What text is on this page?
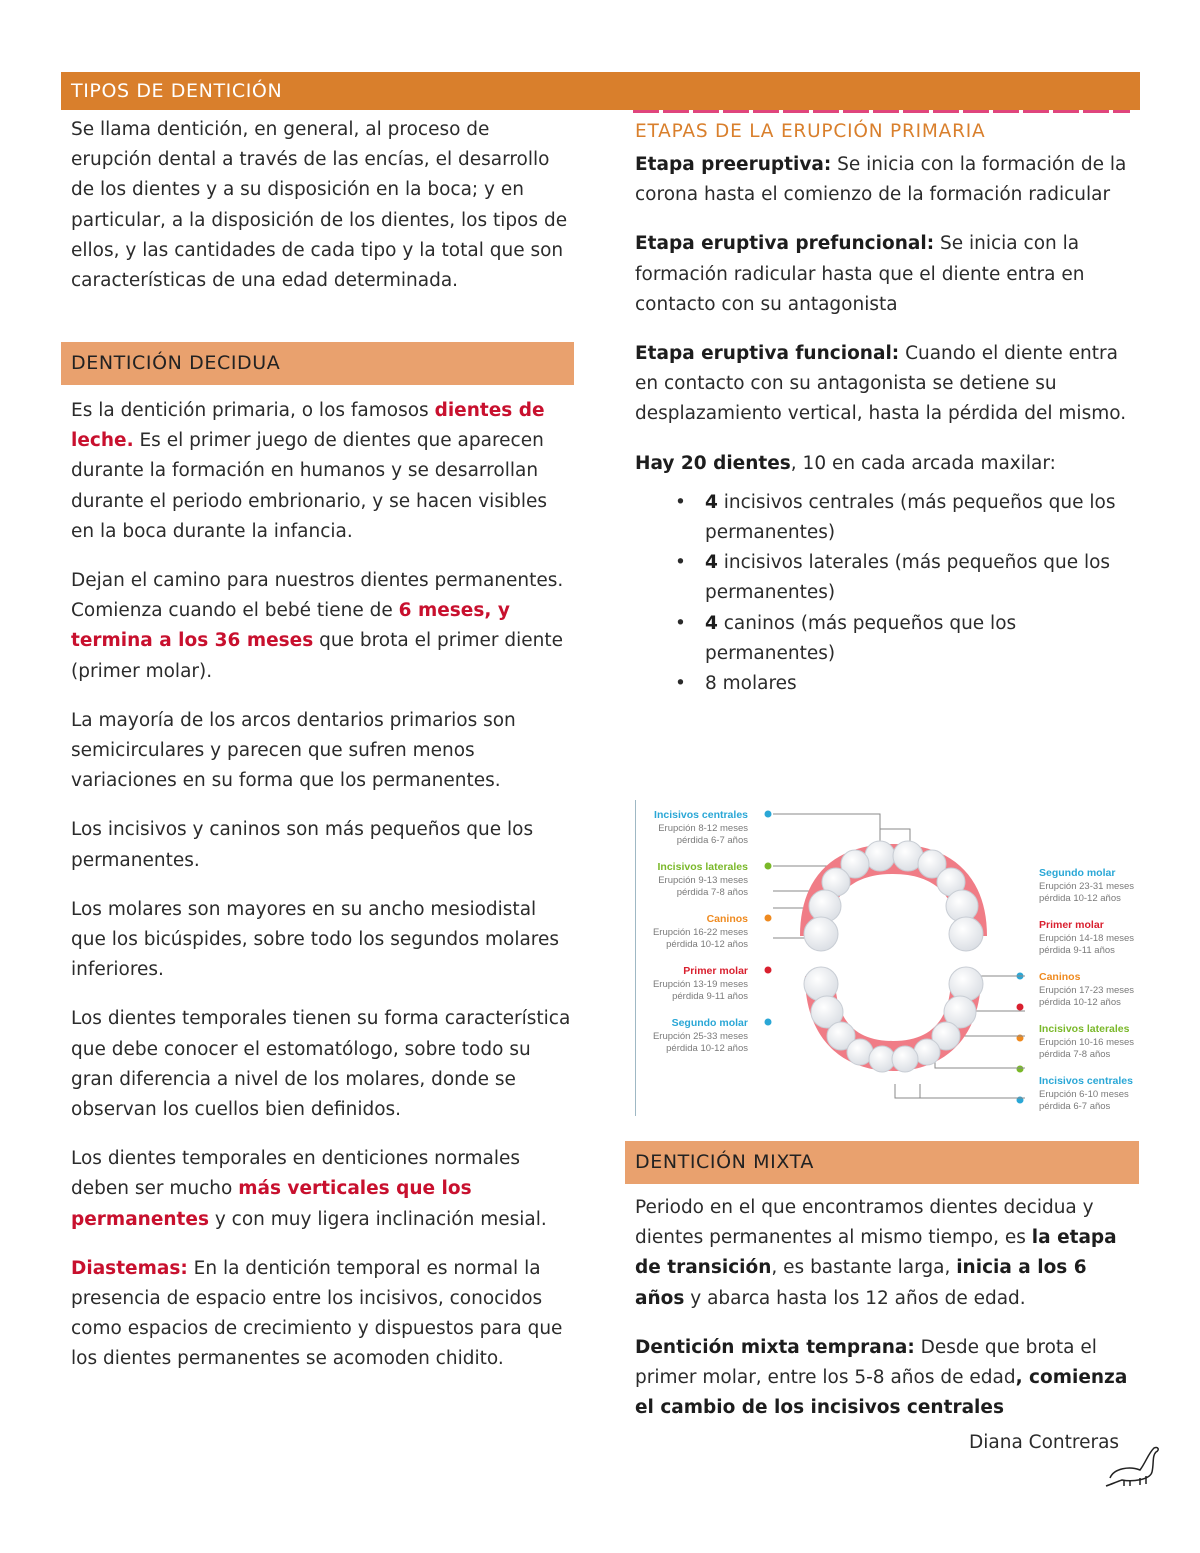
TIPOS DE DENTICIÓN

Se llama dentición, en general, al proceso de erupción dental a través de las encías, el desarrollo de los dientes y a su disposición en la boca; y en particular, a la disposición de los dientes, los tipos de ellos, y las cantidades de cada tipo y la total que son características de una edad determinada.

DENTICIÓN DECIDUA

Es la dentición primaria, o los famosos dientes de leche. Es el primer juego de dientes que aparecen durante la formación en humanos y se desarrollan durante el periodo embrionario, y se hacen visibles en la boca durante la infancia.

Dejan el camino para nuestros dientes permanentes. Comienza cuando el bebé tiene de 6 meses, y termina a los 36 meses que brota el primer diente (primer molar).

La mayoría de los arcos dentarios primarios son semicirculares y parecen que sufren menos variaciones en su forma que los permanentes.

Los incisivos y caninos son más pequeños que los permanentes.

Los molares son mayores en su ancho mesiodistal que los bicúspides, sobre todo los segundos molares inferiores.

Los dientes temporales tienen su forma característica que debe conocer el estomatólogo, sobre todo su gran diferencia a nivel de los molares, donde se observan los cuellos bien definidos.

Los dientes temporales en denticiones normales deben ser mucho más verticales que los permanentes y con muy ligera inclinación mesial.

Diastemas: En la dentición temporal es normal la presencia de espacio entre los incisivos, conocidos como espacios de crecimiento y dispuestos para que los dientes permanentes se acomoden chidito.

ETAPAS DE LA ERUPCIÓN PRIMARIA

Etapa preeruptiva: Se inicia con la formación de la corona hasta el comienzo de la formación radicular

Etapa eruptiva prefuncional: Se inicia con la formación radicular hasta que el diente entra en contacto con su antagonista

Etapa eruptiva funcional: Cuando el diente entra en contacto con su antagonista se detiene su desplazamiento vertical, hasta la pérdida del mismo.

Hay 20 dientes, 10 en cada arcada maxilar:

• 4 incisivos centrales (más pequeños que los permanentes)
• 4 incisivos laterales (más pequeños que los permanentes)
• 4 caninos (más pequeños que los permanentes)
• 8 molares
Incisivos centrales
Erupción 8-12 meses
pérdida 6-7 años
Incisivos laterales
Erupción 9-13 meses
pérdida 7-8 años
Caninos
Erupción 16-22 meses
pérdida 10-12 años
Primer molar
Erupción 13-19 meses
pérdida 9-11 años
Segundo molar
Erupción 25-33 meses
pérdida 10-12 años
Segundo molar
Erupción 23-31 meses
pérdida 10-12 años
Primer molar
Erupción 14-18 meses
pérdida 9-11 años
Caninos
Erupción 17-23 meses
pérdida 10-12 años
Incisivos laterales
Erupción 10-16 meses
pérdida 7-8 años
Incisivos centrales
Erupción 6-10 meses
pérdida 6-7 años
DENTICIÓN MIXTA

Periodo en el que encontramos dientes decidua y dientes permanentes al mismo tiempo, es la etapa de transición, es bastante larga, inicia a los 6 años y abarca hasta los 12 años de edad.

Dentición mixta temprana: Desde que brota el primer molar, entre los 5-8 años de edad, comienza el cambio de los incisivos centrales

Diana Contreras
